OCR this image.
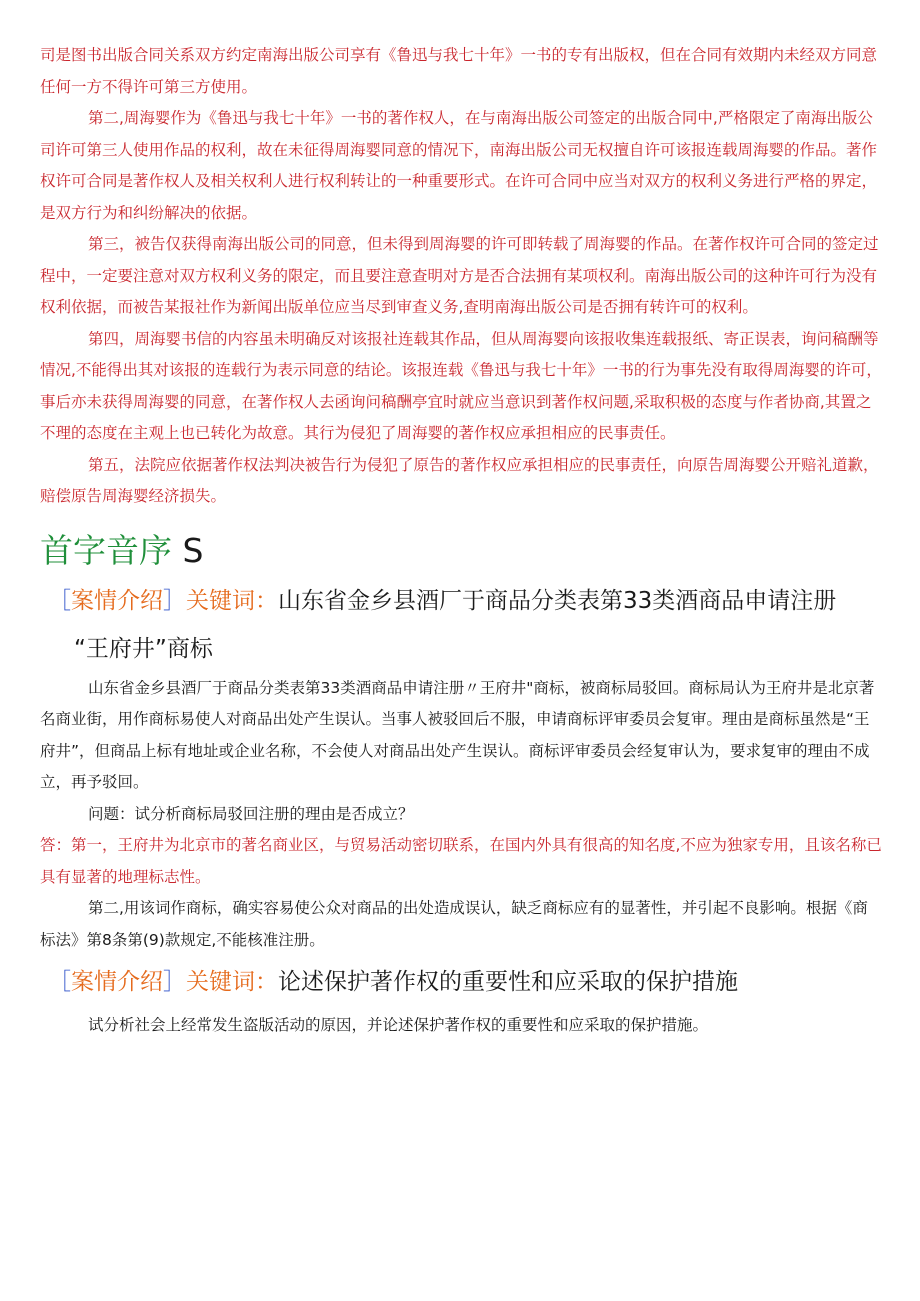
司是图书出版合同关系双方约定南海出版公司享有《鲁迅与我七十年》一书的专有出版权，但在合同有效期内未经双方同意任何一方不得许可第三方使用。

第二,周海婴作为《鲁迅与我七十年》一书的著作权人，在与南海出版公司签定的出版合同中,严格限定了南海出版公司许可第三人使用作品的权利，故在未征得周海婴同意的情况下，南海出版公司无权擅自许可该报连载周海婴的作品。著作权许可合同是著作权人及相关权利人进行权利转让的一种重要形式。在许可合同中应当对双方的权利义务进行严格的界定，是双方行为和纠纷解决的依据。

第三，被告仅获得南海出版公司的同意，但未得到周海婴的许可即转载了周海婴的作品。在著作权许可合同的签定过程中，一定要注意对双方权利义务的限定，而且要注意查明对方是否合法拥有某项权利。南海出版公司的这种许可行为没有权利依据，而被告某报社作为新闻出版单位应当尽到审查义务,查明南海出版公司是否拥有转许可的权利。

第四，周海婴书信的内容虽未明确反对该报社连载其作品，但从周海婴向该报收集连载报纸、寄正误表，询问稿酬等情况,不能得出其对该报的连载行为表示同意的结论。该报连载《鲁迅与我七十年》一书的行为事先没有取得周海婴的许可，事后亦未获得周海婴的同意，在著作权人去函询问稿酬亭宜时就应当意识到著作权问题,采取积极的态度与作者协商,其置之不理的态度在主观上也已转化为故意。其行为侵犯了周海婴的著作权应承担相应的民事责任。

第五，法院应依据著作权法判决被告行为侵犯了原告的著作权应承担相应的民事责任，向原告周海婴公开赔礼道歉，赔偿原告周海婴经济损失。

首字音序 S
［案情介绍］关键词：山东省金乡县酒厂于商品分类表第33类酒商品申请注册
“王府井”商标

山东省金乡县酒厂于商品分类表第33类酒商品申请注册〃王府井"商标，被商标局驳回。商标局认为王府井是北京著名商业街，用作商标易使人对商品出处产生误认。当事人被驳回后不服，申请商标评审委员会复审。理由是商标虽然是“王府井”，但商品上标有地址或企业名称，不会使人对商品出处产生误认。商标评审委员会经复审认为，要求复审的理由不成立，再予驳回。

问题：试分析商标局驳回注册的理由是否成立？

答：第一，王府井为北京市的著名商业区，与贸易活动密切联系，在国内外具有很高的知名度,不应为独家专用，且该名称已具有显著的地理标志性。

第二,用该词作商标，确实容易使公众对商品的出处造成误认，缺乏商标应有的显著性，并引起不良影响。根据《商标法》第8条第(9)款规定,不能核准注册。

［案情介绍］关键词：论述保护著作权的重要性和应采取的保护措施

试分析社会上经常发生盗版活动的原因，并论述保护著作权的重要性和应采取的保护措施。
